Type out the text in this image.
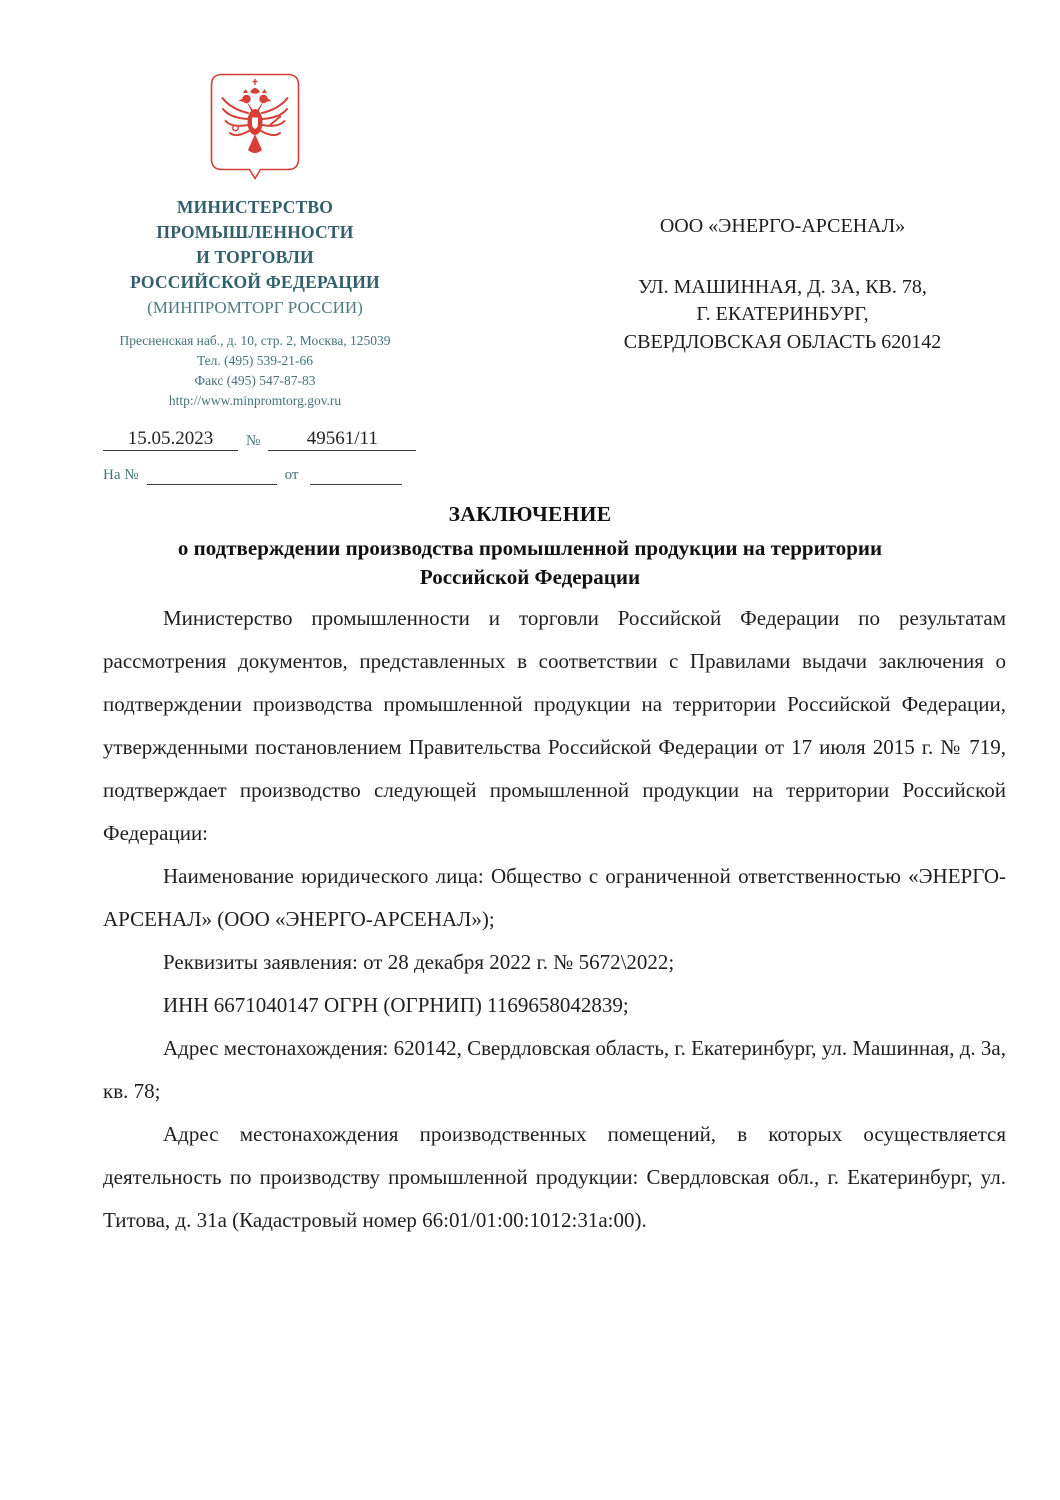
МИНИСТЕРСТВО
ПРОМЫШЛЕННОСТИ
И ТОРГОВЛИ
РОССИЙСКОЙ ФЕДЕРАЦИИ
(МИНПРОМТОРГ РОССИИ)
Пресненская наб., д. 10, стр. 2, Москва, 125039
Тел. (495) 539-21-66
Факс (495) 547-87-83
http://www.minpromtorg.gov.ru
15.05.2023	№	49561/11
На №	от
ООО «ЭНЕРГО-АРСЕНАЛ»
УЛ. МАШИННАЯ, Д. 3А, КВ. 78,
Г. ЕКАТЕРИНБУРГ,
СВЕРДЛОВСКАЯ ОБЛАСТЬ 620142
ЗАКЛЮЧЕНИЕ
о подтверждении производства промышленной продукции на территории
Российской Федерации

Министерство промышленности и торговли Российской Федерации по результатам рассмотрения документов, представленных в соответствии с Правилами выдачи заключения о подтверждении производства промышленной продукции на территории Российской Федерации, утвержденными постановлением Правительства Российской Федерации от 17 июля 2015 г. № 719, подтверждает производство следующей промышленной продукции на территории Российской Федерации:

Наименование юридического лица: Общество с ограниченной ответственностью «ЭНЕРГО-АРСЕНАЛ» (ООО «ЭНЕРГО-АРСЕНАЛ»);

Реквизиты заявления: от 28 декабря 2022 г. № 5672\2022;

ИНН 6671040147 ОГРН (ОГРНИП) 1169658042839;

Адрес местонахождения: 620142, Свердловская область, г. Екатеринбург, ул. Машинная, д. 3а, кв. 78;

Адрес местонахождения производственных помещений, в которых осуществляется деятельность по производству промышленной продукции: Свердловская обл., г. Екатеринбург, ул. Титова, д. 31а (Кадастровый номер 66:01/01:00:1012:31а:00).
